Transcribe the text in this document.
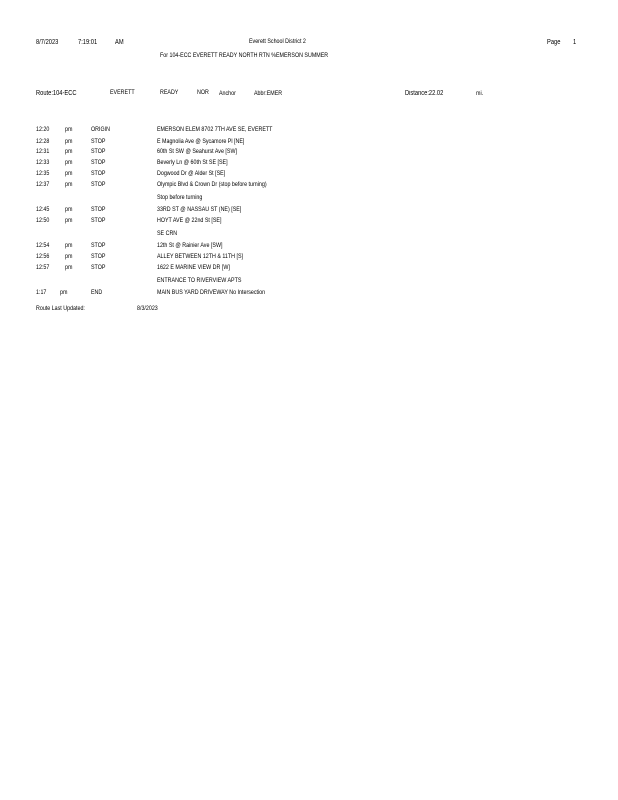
8/7/2023	7:19:01	AM	Everett School District 2	Page 1
For 104-ECC EVERETT READY NORTH RTN %EMERSON SUMMER
Route:104-ECC	EVERETT	READY	NOR Anchor	Abbr:EMER	Distance:22.02	mi.
12:20 pm	ORIGIN	EMERSON ELEM 8702 7TH AVE SE, EVERETT
12:28 pm	STOP	E Magnolia Ave @ Sycamore Pl [NE]
12:31 pm	STOP	60th St SW @ Seahurst Ave [SW]
12:33 pm	STOP	Beverly Ln @ 60th St SE [SE]
12:35 pm	STOP	Dogwood Dr @ Alder St [SE]
12:37 pm	STOP	Olympic Blvd & Crown Dr (stop before turning)
Stop before turning
12:45 pm	STOP	33RD ST @ NASSAU ST (NE) [SE]
12:50 pm	STOP	HOYT AVE @ 22nd St [SE]
SE CRN
12:54 pm	STOP	12th St @ Rainier Ave [SW]
12:56 pm	STOP	ALLEY BETWEEN 12TH & 11TH [S]
12:57 pm	STOP	1622 E MARINE VIEW DR [W]
ENTRANCE TO RIVERVIEW APTS
1:17 pm	END	MAIN BUS YARD DRIVEWAY No Intersection
Route Last Updated:	8/3/2023
